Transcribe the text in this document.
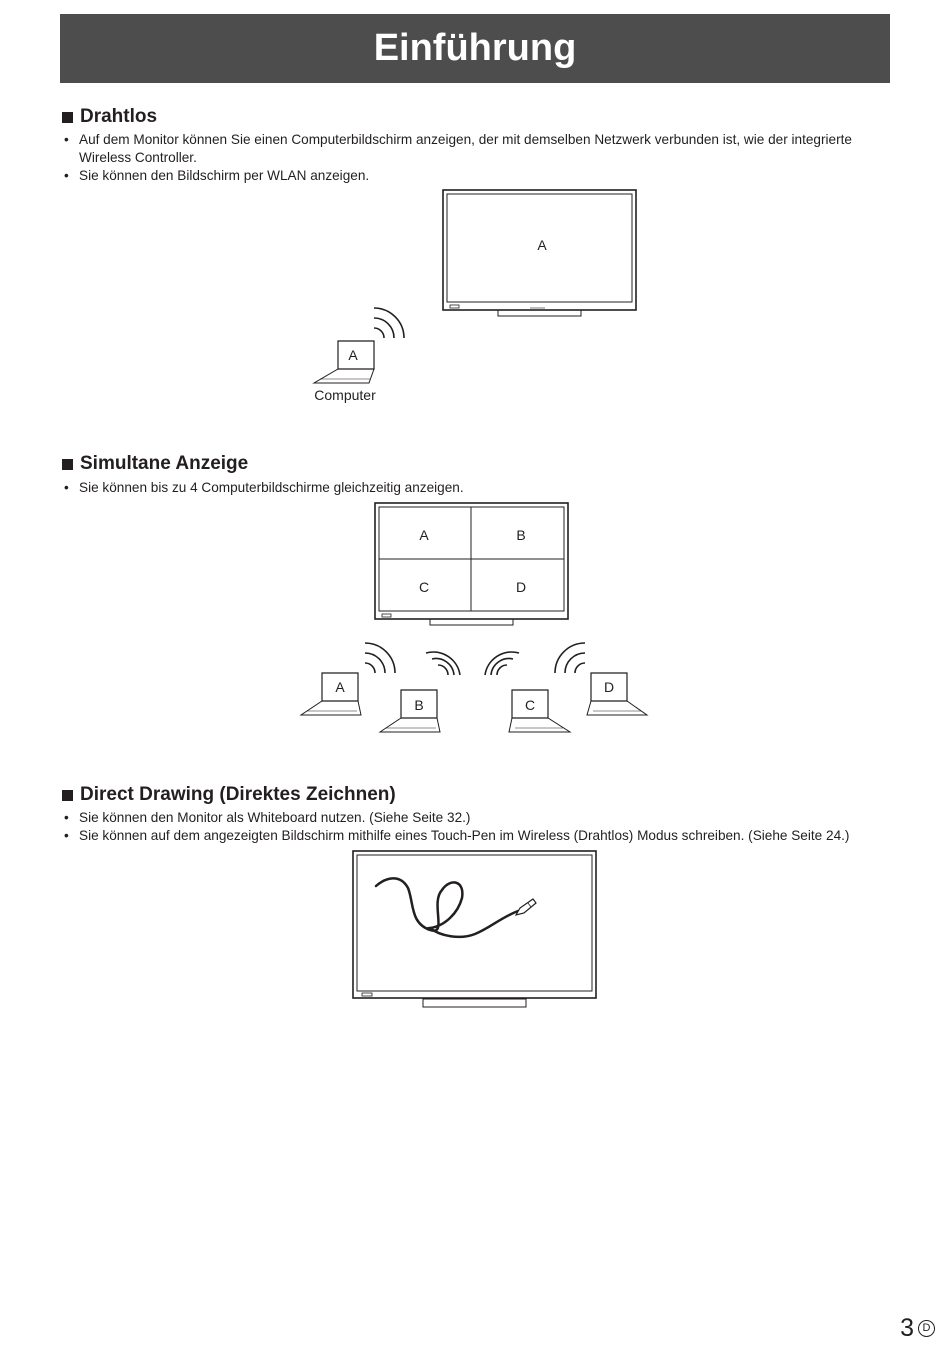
Einführung
Drahtlos
• Auf dem Monitor können Sie einen Computerbildschirm anzeigen, der mit demselben Netzwerk verbunden ist, wie der integrierte Wireless Controller.
• Sie können den Bildschirm per WLAN anzeigen.
A
A
Computer
Simultane Anzeige
• Sie können bis zu 4 Computerbildschirme gleichzeitig anzeigen.
A	B
C	D
A
B	C
D
Direct Drawing (Direktes Zeichnen)
• Sie können den Monitor als Whiteboard nutzen. (Siehe Seite 32.)
• Sie können auf dem angezeigten Bildschirm mithilfe eines Touch-Pen im Wireless (Drahtlos) Modus schreiben. (Siehe Seite 24.)
3 D
